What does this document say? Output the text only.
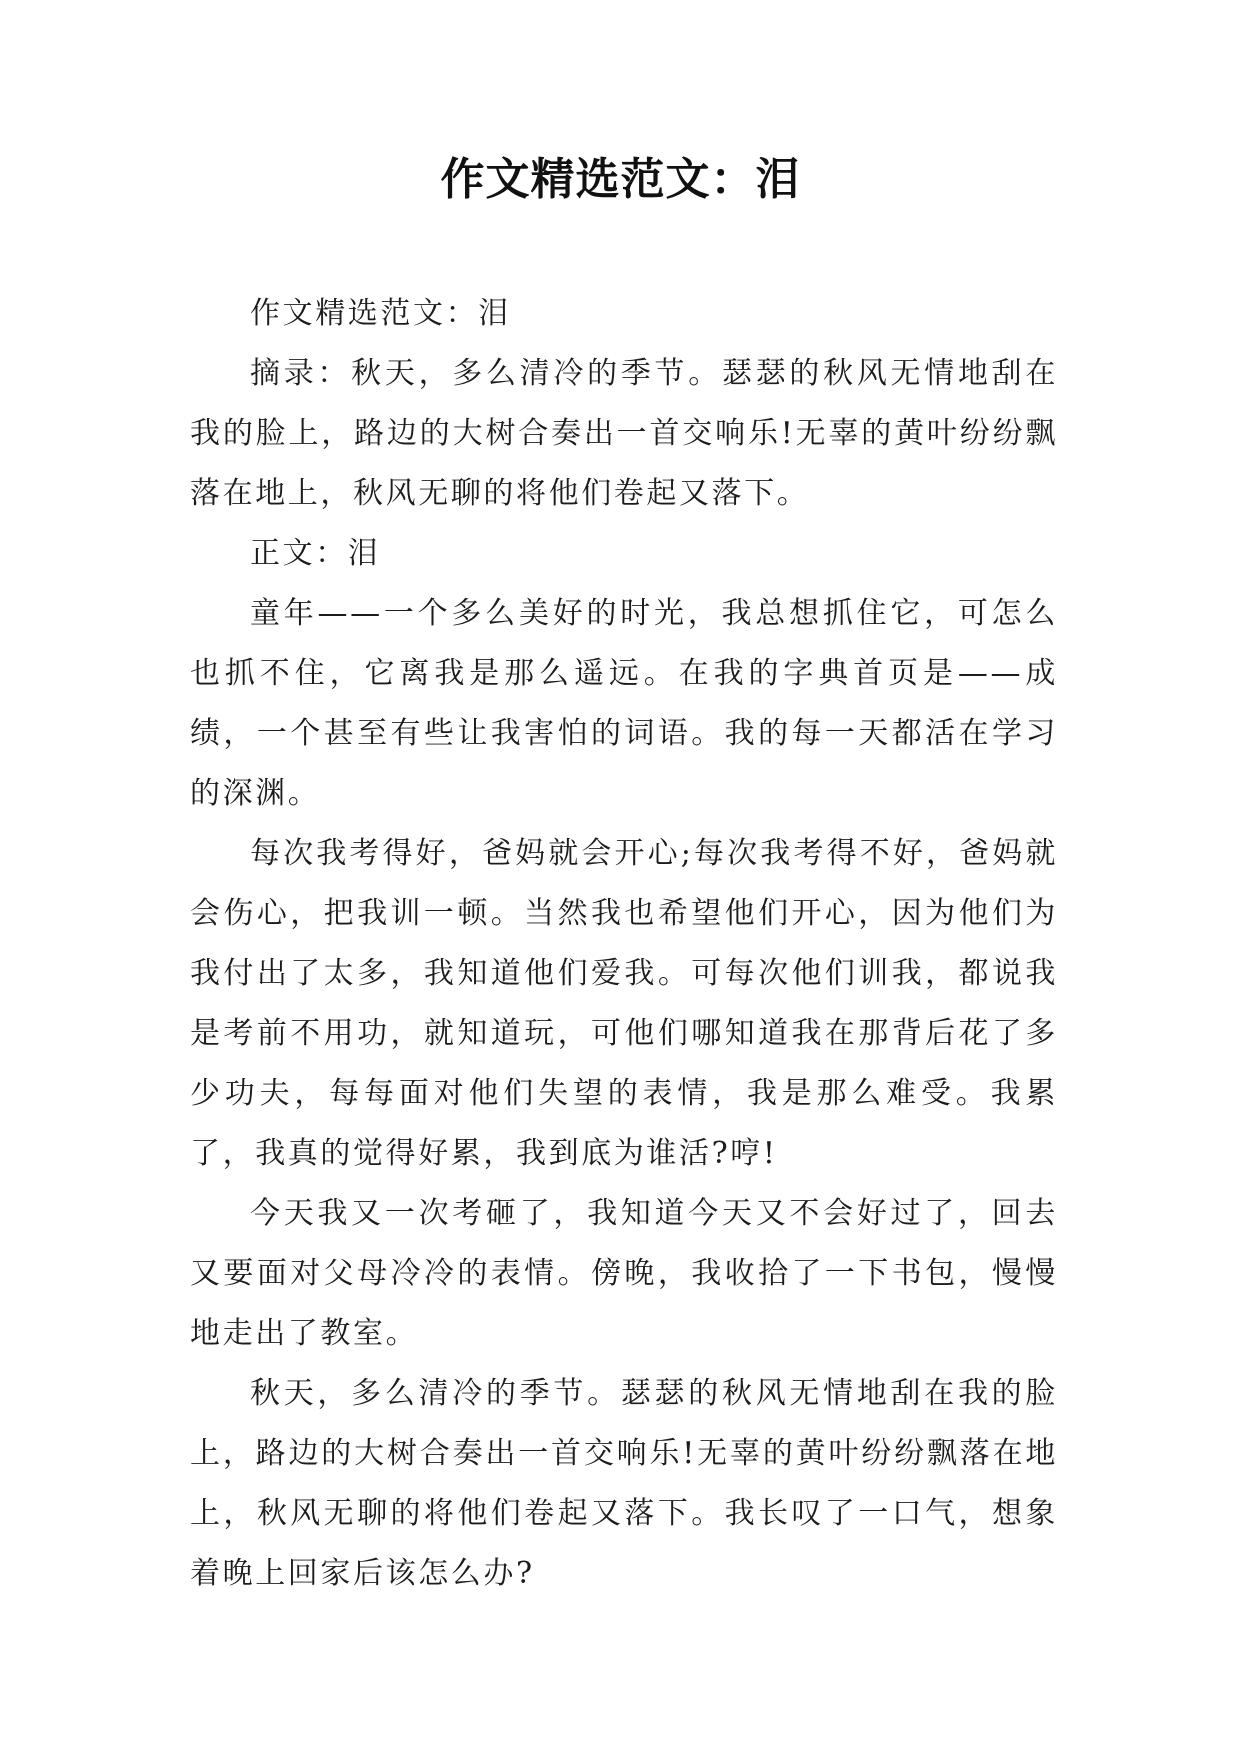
作文精选范文：泪

作文精选范文：泪

摘录：秋天，多么清冷的季节。瑟瑟的秋风无情地刮在我的脸上，路边的大树合奏出一首交响乐!无辜的黄叶纷纷飘落在地上，秋风无聊的将他们卷起又落下。

正文：泪

童年——一个多么美好的时光，我总想抓住它，可怎么也抓不住，它离我是那么遥远。在我的字典首页是——成绩，一个甚至有些让我害怕的词语。我的每一天都活在学习的深渊。

每次我考得好，爸妈就会开心;每次我考得不好，爸妈就会伤心，把我训一顿。当然我也希望他们开心，因为他们为我付出了太多，我知道他们爱我。可每次他们训我，都说我是考前不用功，就知道玩，可他们哪知道我在那背后花了多少功夫，每每面对他们失望的表情，我是那么难受。我累了，我真的觉得好累，我到底为谁活?哼!

今天我又一次考砸了，我知道今天又不会好过了，回去又要面对父母冷冷的表情。傍晚，我收拾了一下书包，慢慢地走出了教室。

秋天，多么清冷的季节。瑟瑟的秋风无情地刮在我的脸上，路边的大树合奏出一首交响乐!无辜的黄叶纷纷飘落在地上，秋风无聊的将他们卷起又落下。我长叹了一口气，想象着晚上回家后该怎么办?
